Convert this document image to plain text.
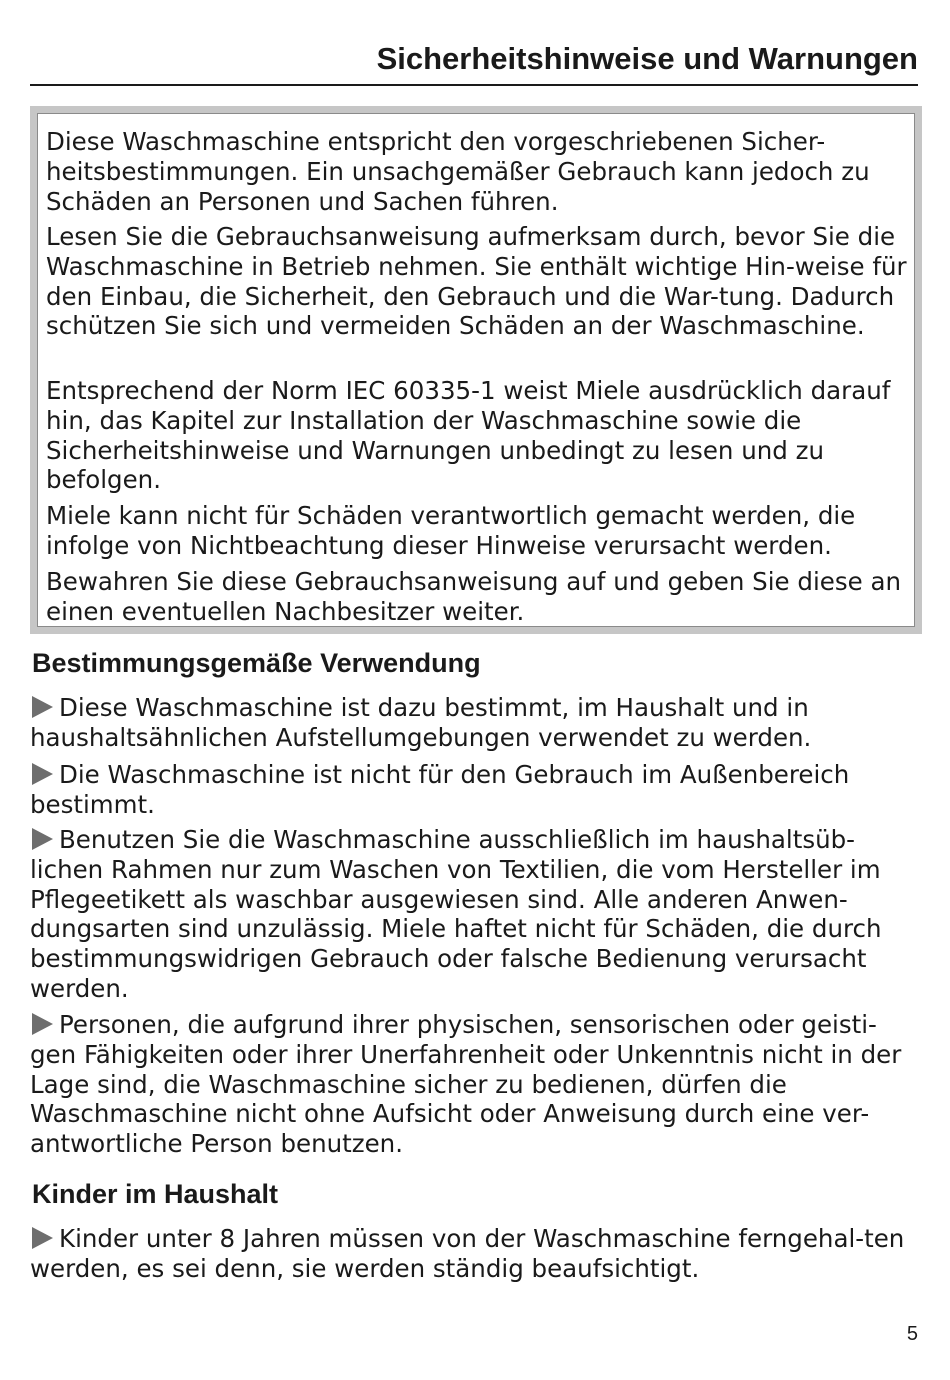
Sicherheitshinweise und Warnungen

Diese Waschmaschine entspricht den vorgeschriebenen Sicher-heitsbestimmungen. Ein unsachgemäßer Gebrauch kann jedoch zu Schäden an Personen und Sachen führen.

Lesen Sie die Gebrauchsanweisung aufmerksam durch, bevor Sie die Waschmaschine in Betrieb nehmen. Sie enthält wichtige Hin-weise für den Einbau, die Sicherheit, den Gebrauch und die War-tung. Dadurch schützen Sie sich und vermeiden Schäden an der Waschmaschine.

Entsprechend der Norm IEC 60335-1 weist Miele ausdrücklich darauf hin, das Kapitel zur Installation der Waschmaschine sowie die Sicherheitshinweise und Warnungen unbedingt zu lesen und zu befolgen.

Miele kann nicht für Schäden verantwortlich gemacht werden, die infolge von Nichtbeachtung dieser Hinweise verursacht werden.

Bewahren Sie diese Gebrauchsanweisung auf und geben Sie diese an einen eventuellen Nachbesitzer weiter.

Bestimmungsgemäße Verwendung

Diese Waschmaschine ist dazu bestimmt, im Haushalt und in haushaltsähnlichen Aufstellumgebungen verwendet zu werden.

Die Waschmaschine ist nicht für den Gebrauch im Außenbereich bestimmt.

Benutzen Sie die Waschmaschine ausschließlich im haushaltsüb-lichen Rahmen nur zum Waschen von Textilien, die vom Hersteller im Pflegeetikett als waschbar ausgewiesen sind. Alle anderen Anwen-dungsarten sind unzulässig. Miele haftet nicht für Schäden, die durch bestimmungswidrigen Gebrauch oder falsche Bedienung verursacht werden.

Personen, die aufgrund ihrer physischen, sensorischen oder geisti-gen Fähigkeiten oder ihrer Unerfahrenheit oder Unkenntnis nicht in der Lage sind, die Waschmaschine sicher zu bedienen, dürfen die Waschmaschine nicht ohne Aufsicht oder Anweisung durch eine ver-antwortliche Person benutzen.

Kinder im Haushalt

Kinder unter 8 Jahren müssen von der Waschmaschine ferngehal-ten werden, es sei denn, sie werden ständig beaufsichtigt.

5
